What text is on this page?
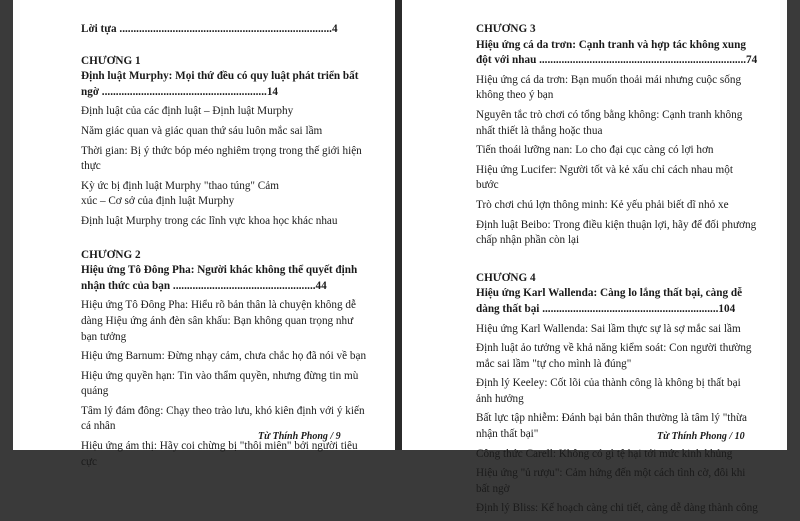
Lời tựa ............................................................................4
CHƯƠNG 1
Định luật Murphy: Mọi thứ đều có quy luật phát triển bất ngờ ...........................................................14
Định luật của các định luật – Định luật Murphy
Năm giác quan và giác quan thứ sáu luôn mắc sai lầm
Thời gian: Bị ý thức bóp méo nghiêm trọng trong thế giới hiện thực
Kỳ ức bị định luật Murphy "thao túng" Cảm
xúc – Cơ sở của định luật Murphy
Định luật Murphy trong các lĩnh vực khoa học khác nhau
CHƯƠNG 2
Hiệu ứng Tô Đông Pha: Người khác không thể quyết định nhận thức của bạn ...................................................44
Hiệu ứng Tô Đông Pha: Hiểu rõ bản thân là chuyện không dễ dàng Hiệu ứng ánh đèn sân khấu: Bạn không quan trọng như bạn tưởng
Hiệu ứng Barnum: Đừng nhạy cảm, chưa chắc họ đã nói về bạn
Hiệu ứng quyền hạn: Tin vào thẩm quyền, nhưng đừng tin mù quáng
Tâm lý đám đông: Chạy theo trào lưu, khó kiên định với ý kiến cá nhân
Hiệu ứng ám thị: Hãy coi chừng bị "thôi miên" bởi người tiêu cực
Từ Thính Phong / 9
CHƯƠNG 3
Hiệu ứng cá da trơn: Cạnh tranh và hợp tác không xung đột với nhau ..........................................................................74
Hiệu ứng cá da trơn: Bạn muốn thoải mái nhưng cuộc sống không theo ý bạn
Nguyên tắc trò chơi có tổng bằng không: Cạnh tranh không nhất thiết là thắng hoặc thua
Tiến thoái lưỡng nan: Lo cho đại cục càng có lợi hơn
Hiệu ứng Lucifer: Người tốt và kẻ xấu chỉ cách nhau một bước
Trò chơi chú lợn thông minh: Kẻ yếu phải biết dĩ nhỏ xe
Định luật Beibo: Trong điều kiện thuận lợi, hãy để đối phương chấp nhận phần còn lại
CHƯƠNG 4
Hiệu ứng Karl Wallenda: Càng lo lắng thất bại, càng dễ dàng thất bại ...............................................................104
Hiệu ứng Karl Wallenda: Sai lầm thực sự là sợ mắc sai lầm
Định luật ảo tưởng về khả năng kiểm soát: Con người thường mắc sai lầm "tự cho mình là đúng"
Định lý Keeley: Cốt lõi của thành công là không bị thất bại ảnh hưởng
Bất lực tập nhiễm: Đánh bại bản thân thường là tâm lý "thừa nhận thất bại"
Công thức Carell: Không có gì tệ hại tới mức kinh khủng
Hiệu ứng "ủ rượu": Cảm hứng đến một cách tình cờ, đôi khi bất ngờ
Định lý Bliss: Kế hoạch càng chi tiết, càng dễ dàng thành công
Từ Thính Phong / 10
